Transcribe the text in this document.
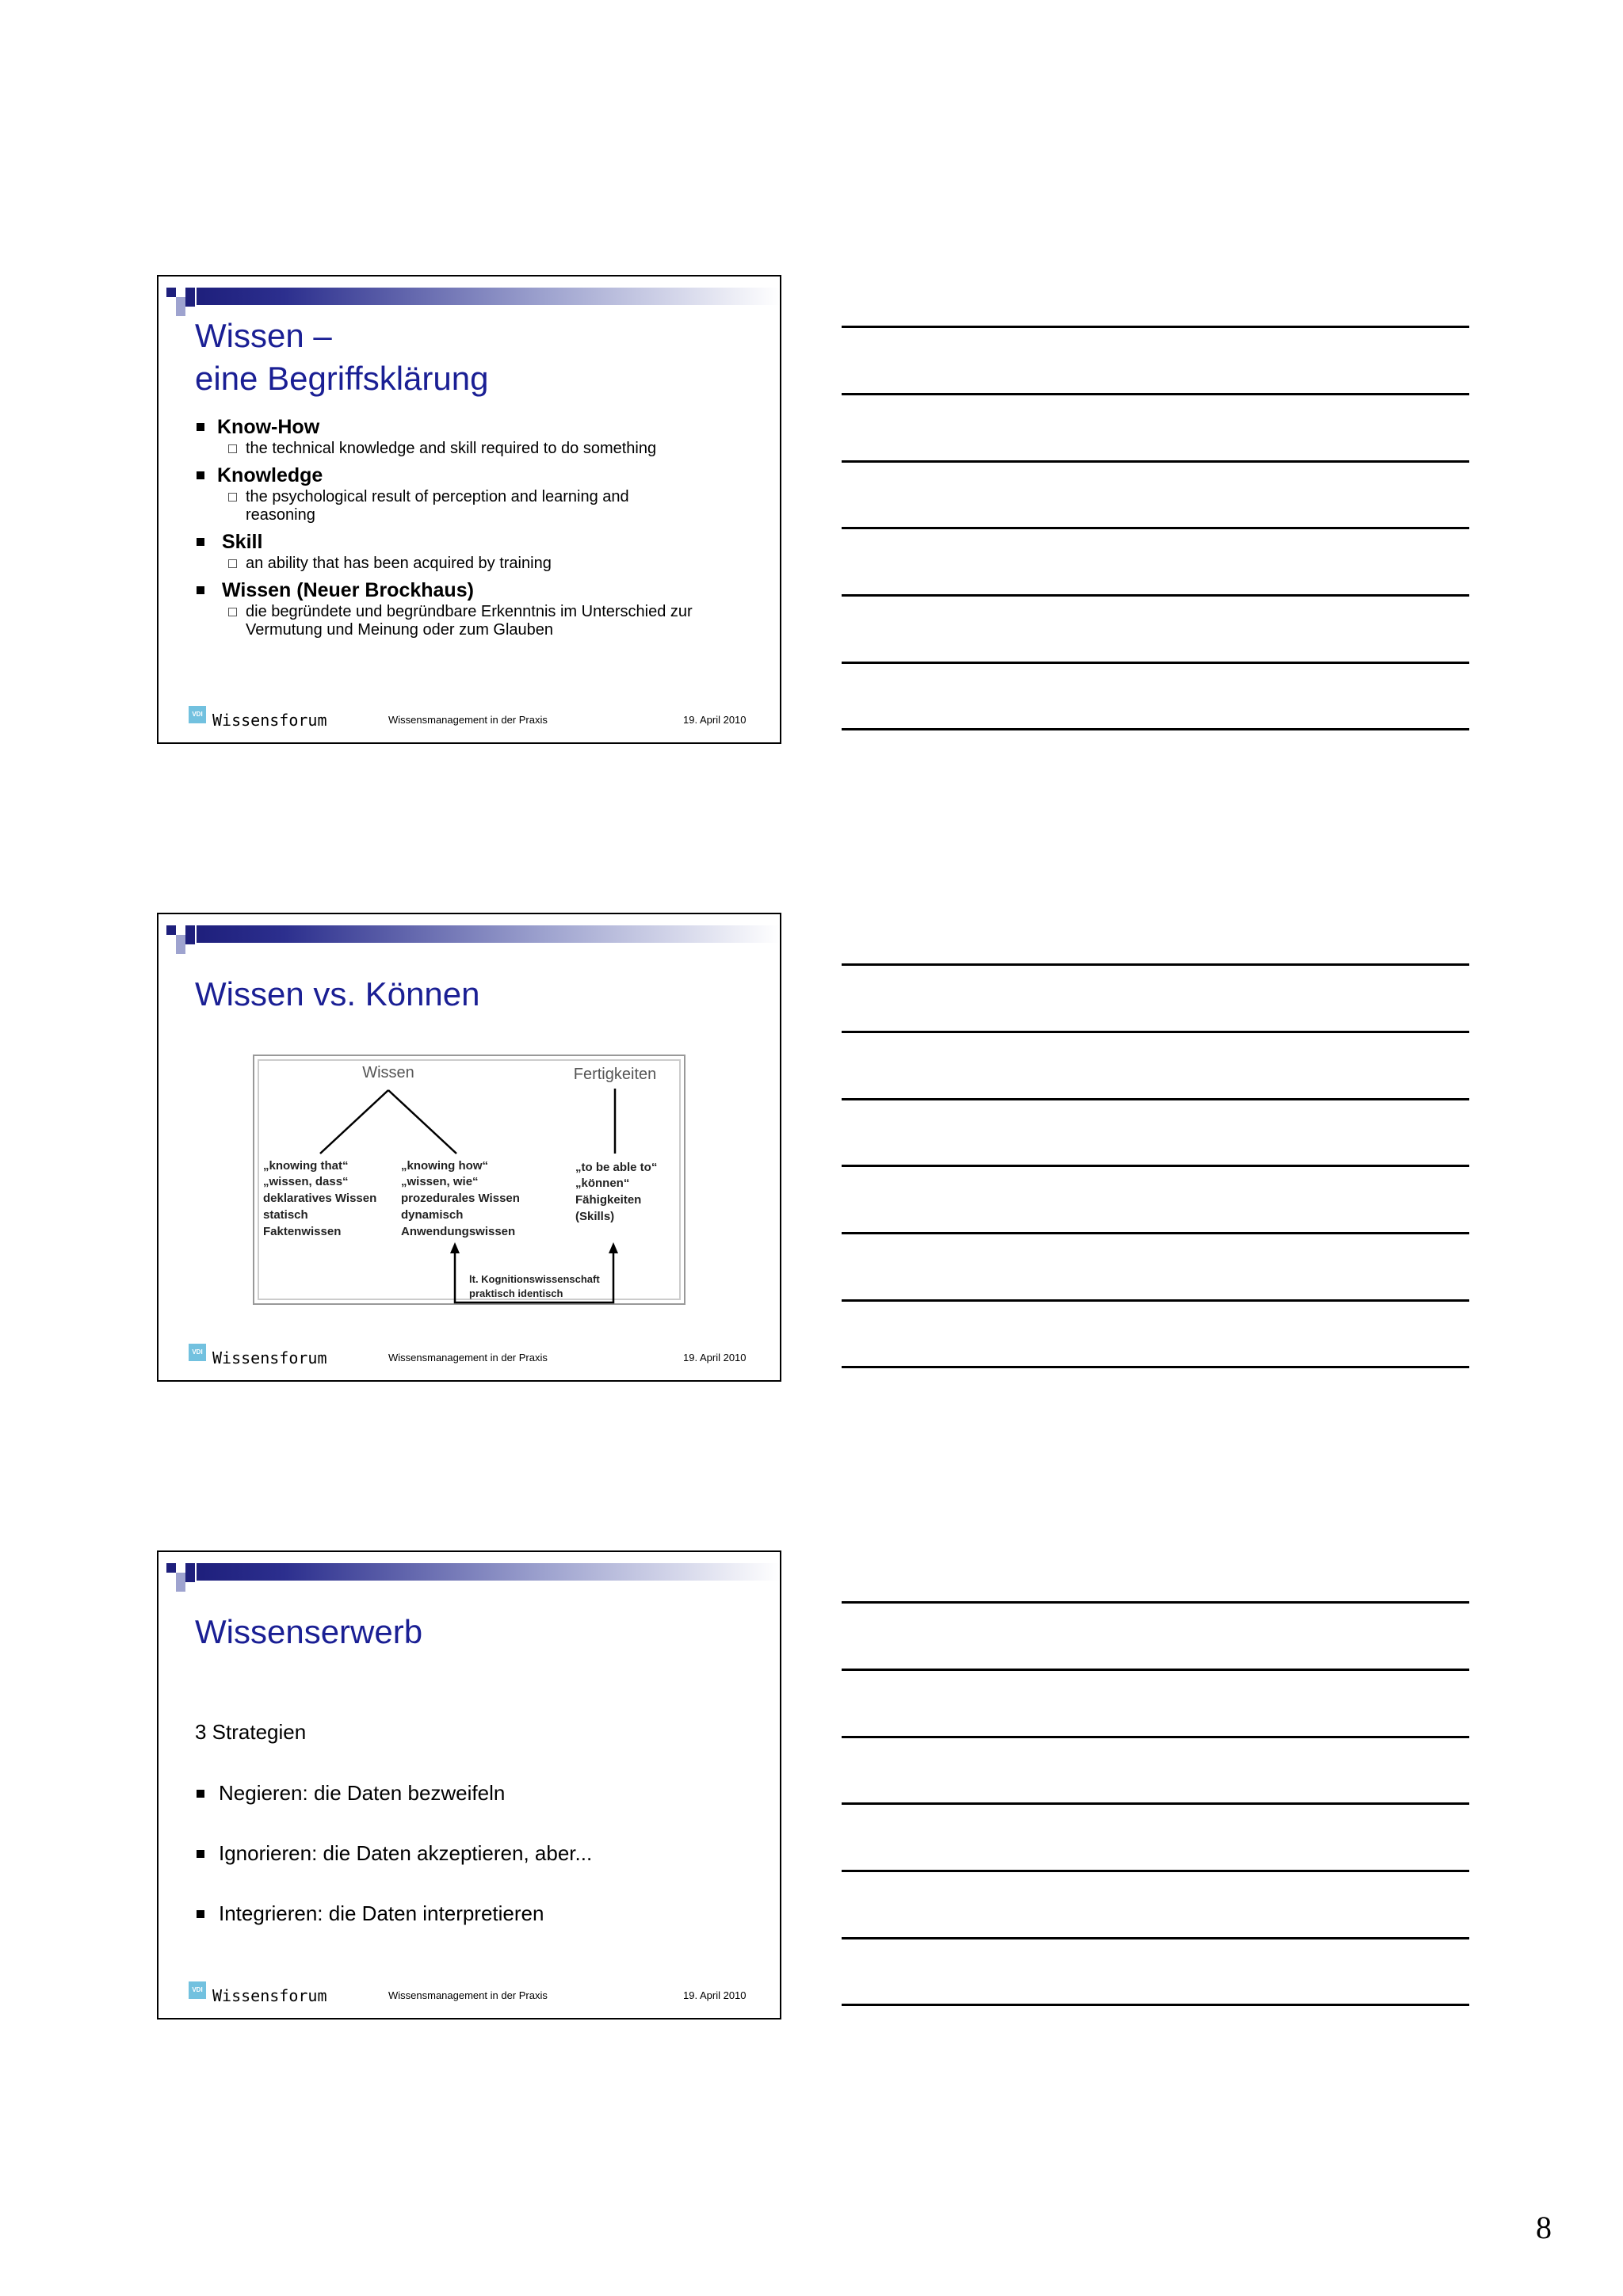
Wissen –
eine Begriffsklärung
Know-How
the technical knowledge and skill required to do something
Knowledge
the psychological result of perception and learning and reasoning
Skill
an ability that has been acquired by training
Wissen (Neuer Brockhaus)
die begründete und begründbare Erkenntnis im Unterschied zur Vermutung und Meinung oder zum Glauben
VDI Wissensforum	Wissensmanagement in der Praxis	19. April 2010
Wissen vs. Können
Wissen	Fertigkeiten
„knowing that“
„wissen, dass“
deklaratives Wissen
statisch
Faktenwissen
„knowing how“
„wissen, wie“
prozedurales Wissen
dynamisch
Anwendungswissen
„to be able to“
„können“
Fähigkeiten
(Skills)
lt. Kognitionswissenschaft
praktisch identisch
VDI Wissensforum	Wissensmanagement in der Praxis	19. April 2010
Wissenserwerb
3 Strategien
Negieren: die Daten bezweifeln
Ignorieren: die Daten akzeptieren, aber...
Integrieren: die Daten interpretieren
VDI Wissensforum	Wissensmanagement in der Praxis	19. April 2010
8
